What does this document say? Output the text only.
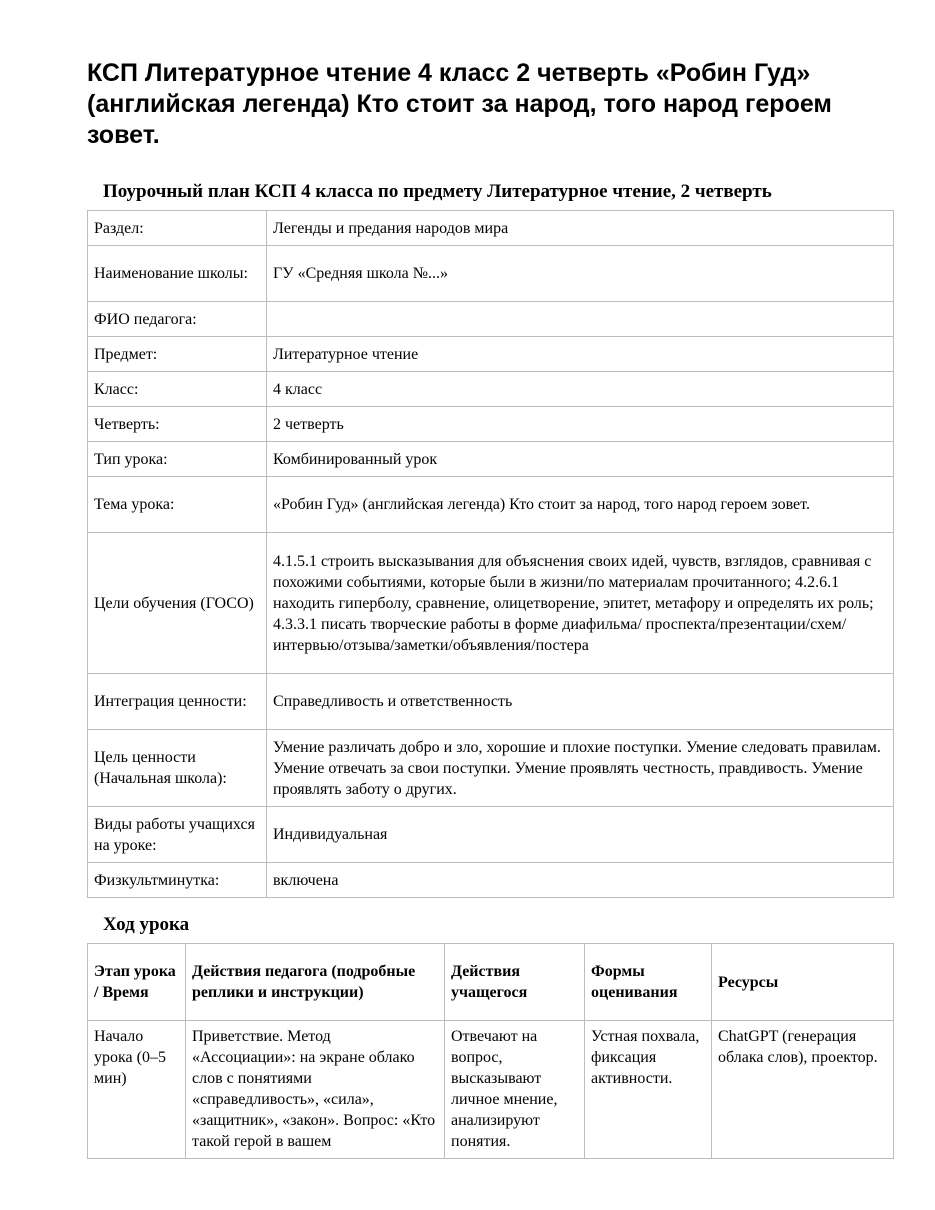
КСП Литературное чтение 4 класс 2 четверть «Робин Гуд» (английская легенда) Кто стоит за народ, того народ героем зовет.
Поурочный план КСП 4 класса по предмету Литературное чтение, 2 четверть
Раздел:	Легенды и предания народов мира
Наименование школы:	ГУ «Средняя школа №...»
ФИО педагога:	
Предмет:	Литературное чтение
Класс:	4 класс
Четверть:	2 четверть
Тип урока:	Комбинированный урок
Тема урока:	«Робин Гуд» (английская легенда) Кто стоит за народ, того народ героем зовет.
Цели обучения (ГОСО)	4.1.5.1 строить высказывания для объяснения своих идей, чувств, взглядов, сравнивая с похожими событиями, которые были в жизни/по материалам прочитанного; 4.2.6.1 находить гиперболу, сравнение, олицетворение, эпитет, метафору и определять их роль; 4.3.3.1 писать творческие работы в форме диафильма/ проспекта/презентации/схем/интервью/отзыва/заметки/объявления/постера
Интеграция ценности:	Справедливость и ответственность
Цель ценности (Начальная школа):	Умение различать добро и зло, хорошие и плохие поступки. Умение следовать правилам. Умение отвечать за свои поступки. Умение проявлять честность, правдивость. Умение проявлять заботу о других.
Виды работы учащихся на уроке:	Индивидуальная
Физкультминутка:	включена
Ход урока
Этап урока / Время	Действия педагога (подробные реплики и инструкции)	Действия учащегося	Формы оценивания	Ресурсы

Начало урока (0–5 мин)	Приветствие. Метод «Ассоциации»: на экране облако слов с понятиями «справедливость», «сила», «защитник», «закон». Вопрос: «Кто такой герой в вашем	Отвечают на вопрос, высказывают личное мнение, анализируют понятия.	Устная похвала, фиксация активности.	ChatGPT (генерация облака слов), проектор.
